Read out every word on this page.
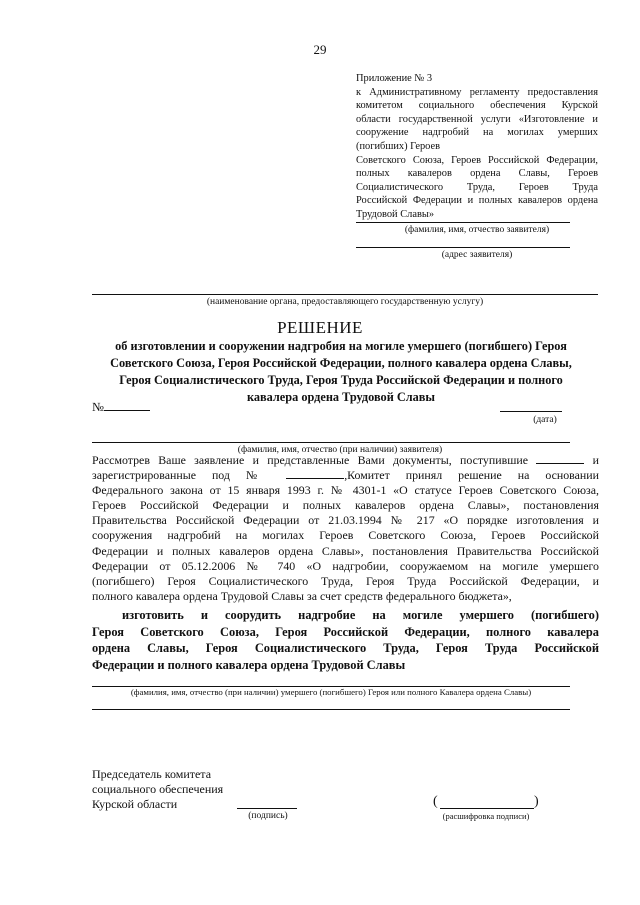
29
Приложение № 3
к Административному регламенту предоставления
комитетом социального обеспечения Курской
области государственной услуги «Изготовление и
сооружение надгробий на могилах умерших
(погибших) Героев
Советского Союза, Героев Российской Федерации,
полных кавалеров ордена Славы, Героев
Социалистического Труда, Героев Труда
Российской Федерации и полных кавалеров ордена
Трудовой Славы»
(фамилия, имя, отчество заявителя)
(адрес заявителя)
(наименование органа, предоставляющего государственную услугу)
РЕШЕНИЕ
об изготовлении и сооружении надгробия на могиле умершего (погибшего) Героя
Советского Союза, Героя Российской Федерации, полного кавалера ордена Славы,
Героя Социалистического Труда, Героя Труда Российской Федерации и полного
кавалера ордена Трудовой Славы
№
(дата)
(фамилия, имя, отчество (при наличии) заявителя)
Рассмотрев Ваше заявление и представленные Вами документы, поступившие	и
зарегистрированные под №	,Комитет принял решение на основании
Федерального закона от 15 января 1993 г. № 4301-1 «О статусе Героев Советского Союза,
Героев Российской Федерации и полных кавалеров ордена Славы», постановления
Правительства Российской Федерации от 21.03.1994 № 217 «О порядке изготовления и
сооружения надгробий на могилах Героев Советского Союза, Героев Российской
Федерации и полных кавалеров ордена Славы», постановления Правительства Российской
Федерации от 05.12.2006 № 740 «О надгробии, сооружаемом на могиле умершего
(погибшего) Героя Социалистического Труда, Героя Труда Российской Федерации, и
полного кавалера ордена Трудовой Славы за счет средств федерального бюджета»,
изготовить и соорудить надгробие на могиле умершего (погибшего)
Героя Советского Союза, Героя Российской Федерации, полного кавалера
ордена Славы, Героя Социалистического Труда, Героя Труда Российской
Федерации и полного кавалера ордена Трудовой Славы
(фамилия, имя, отчество (при наличии) умершего (погибшего) Героя или полного Кавалера ордена Славы)
Председатель комитета
социального обеспечения
Курской области
(подпись)
(	)
(расшифровка подписи)
